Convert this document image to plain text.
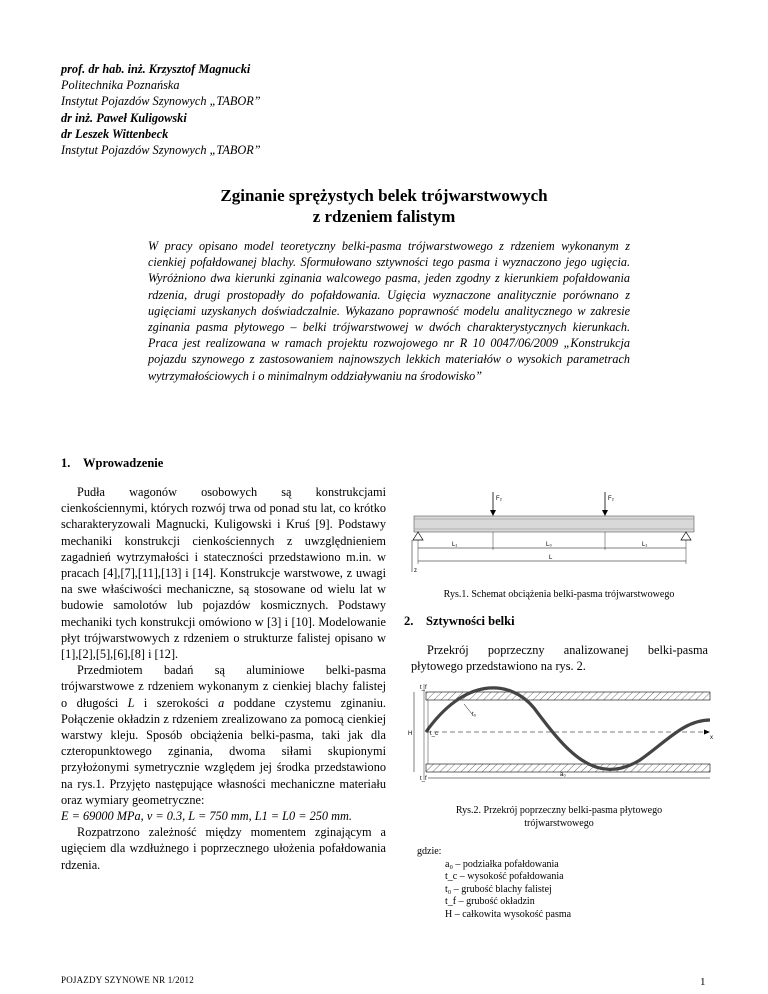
prof. dr hab. inż. Krzysztof Magnucki
Politechnika Poznańska
Instytut Pojazdów Szynowych „TABOR”
dr inż. Paweł Kuligowski
dr Leszek Wittenbeck
Instytut Pojazdów Szynowych „TABOR”
Zginanie sprężystych belek trójwarstwowych
z rdzeniem falistym
W pracy opisano model teoretyczny belki-pasma trójwarstwowego z rdzeniem wykonanym z cienkiej pofałdowanej blachy. Sformułowano sztywności tego pasma i wyznaczono jego ugięcia. Wyróżniono dwa kierunki zginania walcowego pasma, jeden zgodny z kierunkiem pofałdowania rdzenia, drugi prostopadły do pofałdowania. Ugięcia wyznaczone analitycznie porównano z ugięciami uzyskanych doświadczalnie. Wykazano poprawność modelu analitycznego w zakresie zginania pasma płytowego – belki trójwarstwowej w dwóch charakterystycznych kierunkach. Praca jest realizowana w ramach projektu rozwojowego nr R 10 0047/06/2009 „Konstrukcja pojazdu szynowego z zastosowaniem najnowszych lekkich materiałów o wysokich parametrach wytrzymałościowych i o minimalnym oddziaływaniu na środowisko”
1. Wprowadzenie

Pudła wagonów osobowych są konstrukcjami cienkościennymi, których rozwój trwa od ponad stu lat, co krótko scharakteryzowali Magnucki, Kuligowski i Kruś [9]. Podstawy mechaniki konstrukcji cienkościennych z uwzględnieniem zagadnień wytrzymałości i stateczności przedstawiono m.in. w pracach [4],[7],[11],[13] i [14]. Konstrukcje warstwowe, z uwagi na swe właściwości mechaniczne, są stosowane od wielu lat w budowie samolotów lub pojazdów kosmicznych. Podstawy mechaniki tych konstrukcji omówiono w [3] i [10]. Modelowanie płyt trójwarstwowych z rdzeniem o strukturze falistej opisano w [1],[2],[5],[6],[8] i [12].

Przedmiotem badań są aluminiowe belki-pasma trójwarstwowe z rdzeniem wykonanym z cienkiej blachy falistej o długości L i szerokości a poddane czystemu zginaniu. Połączenie okładzin z rdzeniem zrealizowano za pomocą cienkiej warstwy kleju. Sposób obciążenia belki-pasma, taki jak dla czteropunktowego zginania, dwoma siłami skupionymi przyłożonymi symetrycznie względem jej środka przedstawiono na rys.1. Przyjęto następujące własności mechaniczne materiału oraz wymiary geometryczne:

E = 69000 MPa, ν = 0.3, L = 750 mm, L1 = L0 = 250 mm.

Rozpatrzono zależność między momentem zginającym a ugięciem dla wzdłużnego i poprzecznego ułożenia pofałdowania rdzenia.

F₂	F₂
L₁	L₀	L₁
L
z
Rys.1. Schemat obciążenia belki-pasma trójwarstwowego
2. Sztywności belki
Przekrój poprzeczny analizowanej belki-pasma płytowego przedstawiono na rys. 2.
x
t_f
H	t_c
t_f
t₀
a₀
Rys.2. Przekrój poprzeczny belki-pasma płytowego
trójwarstwowego
gdzie:
a₀ – podziałka pofałdowania
t_c – wysokość pofałdowania
t₀ – grubość blachy falistej
t_f – grubość okładzin
H – całkowita wysokość pasma
POJAZDY SZYNOWE NR 1/2012	1
